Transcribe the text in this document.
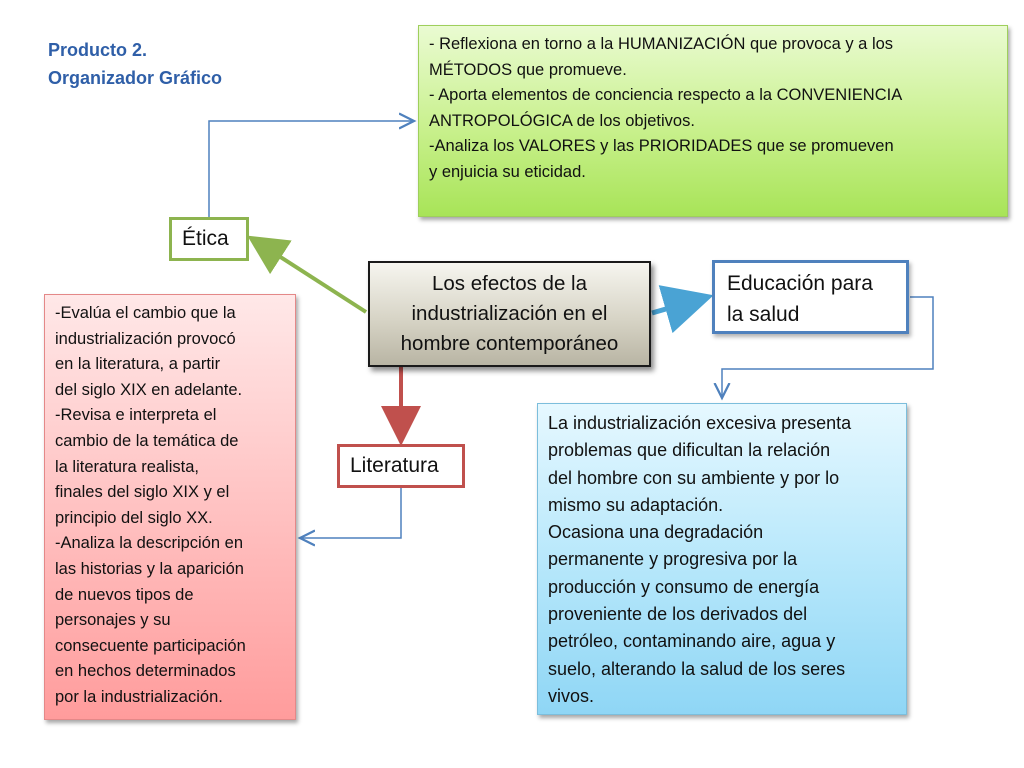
Producto 2.
Organizador Gráfico
- Reflexiona en torno a la HUMANIZACIÓN que provoca y a los
MÉTODOS que promueve.
- Aporta elementos de conciencia respecto a la CONVENIENCIA
ANTROPOLÓGICA de los objetivos.
-Analiza los VALORES y las PRIORIDADES que se promueven
y enjuicia su eticidad.
Ética
Los efectos de la
industrialización en el
hombre contemporáneo
Educación para
la salud
-Evalúa el cambio que la
industrialización provocó
en la literatura, a partir
del siglo XIX en adelante.
-Revisa e interpreta el
cambio de la temática de
la literatura realista,
finales del siglo XIX y el
principio del siglo XX.
-Analiza la descripción en
las historias y la aparición
de nuevos tipos de
personajes y su
consecuente participación
en hechos determinados
por la industrialización.
Literatura
La industrialización excesiva presenta
problemas que dificultan la relación
del hombre con su ambiente y por lo
mismo su adaptación.
Ocasiona una degradación
permanente y progresiva por la
producción y consumo de energía
proveniente de los derivados del
petróleo, contaminando aire, agua y
suelo, alterando la salud de los seres
vivos.
